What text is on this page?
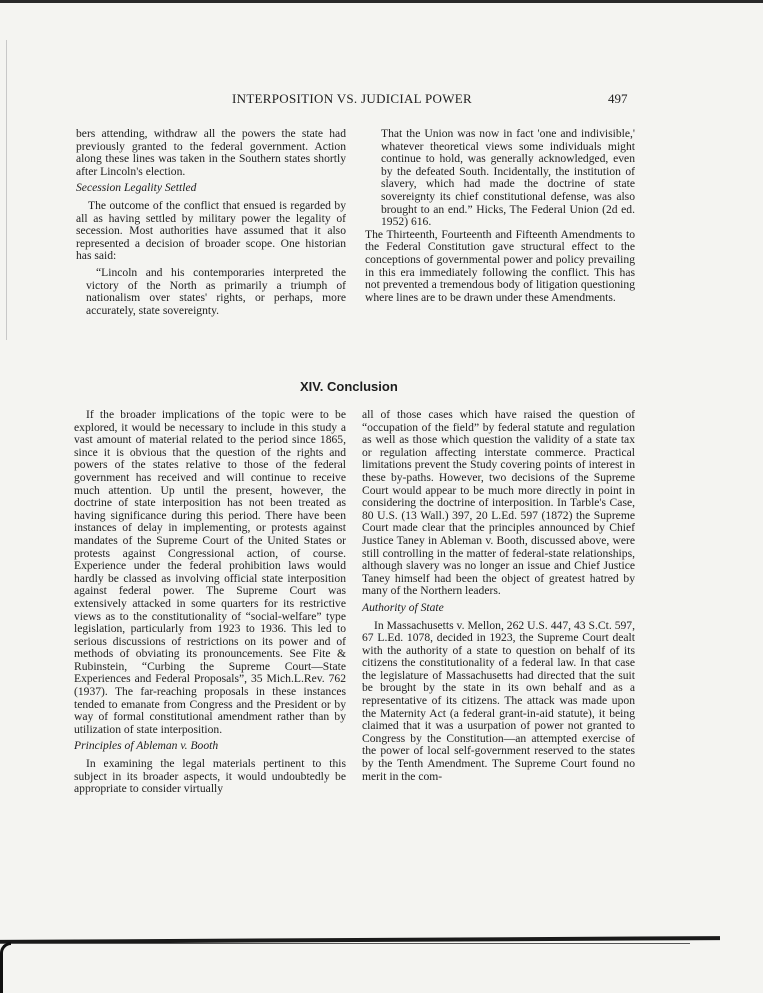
INTERPOSITION VS. JUDICIAL POWER	497

bers attending, withdraw all the powers the state had previously granted to the federal government. Action along these lines was taken in the Southern states shortly after Lincoln's election.

Secession Legality Settled

The outcome of the conflict that ensued is regarded by all as having settled by military power the legality of secession. Most authorities have assumed that it also represented a decision of broader scope. One historian has said:

“Lincoln and his contemporaries interpreted the victory of the North as primarily a triumph of nationalism over states' rights, or perhaps, more accurately, state sovereignty.

That the Union was now in fact 'one and indivisible,' whatever theoretical views some individuals might continue to hold, was generally acknowledged, even by the defeated South. Incidentally, the institution of slavery, which had made the doctrine of state sovereignty its chief constitutional defense, was also brought to an end.” Hicks, The Federal Union (2d ed. 1952) 616.

The Thirteenth, Fourteenth and Fifteenth Amendments to the Federal Constitution gave structural effect to the conceptions of governmental power and policy prevailing in this era immediately following the conflict. This has not prevented a tremendous body of litigation questioning where lines are to be drawn under these Amendments.

XIV. Conclusion

If the broader implications of the topic were to be explored, it would be necessary to include in this study a vast amount of material related to the period since 1865, since it is obvious that the question of the rights and powers of the states relative to those of the federal government has received and will continue to receive much attention. Up until the present, however, the doctrine of state interposition has not been treated as having significance during this period. There have been instances of delay in implementing, or protests against mandates of the Supreme Court of the United States or protests against Congressional action, of course. Experience under the federal prohibition laws would hardly be classed as involving official state interposition against federal power. The Supreme Court was extensively attacked in some quarters for its restrictive views as to the constitutionality of “social-welfare” type legislation, particularly from 1923 to 1936. This led to serious discussions of restrictions on its power and of methods of obviating its pronouncements. See Fite & Rubinstein, “Curbing the Supreme Court—State Experiences and Federal Proposals”, 35 Mich.L.Rev. 762 (1937). The far-reaching proposals in these instances tended to emanate from Congress and the President or by way of formal constitutional amendment rather than by utilization of state interposition.

Principles of Ableman v. Booth

In examining the legal materials pertinent to this subject in its broader aspects, it would undoubtedly be appropriate to consider virtually

all of those cases which have raised the question of “occupation of the field” by federal statute and regulation as well as those which question the validity of a state tax or regulation affecting interstate commerce. Practical limitations prevent the Study covering points of interest in these by-paths. However, two decisions of the Supreme Court would appear to be much more directly in point in considering the doctrine of interposition. In Tarble's Case, 80 U.S. (13 Wall.) 397, 20 L.Ed. 597 (1872) the Supreme Court made clear that the principles announced by Chief Justice Taney in Ableman v. Booth, discussed above, were still controlling in the matter of federal-state relationships, although slavery was no longer an issue and Chief Justice Taney himself had been the object of greatest hatred by many of the Northern leaders.

Authority of State

In Massachusetts v. Mellon, 262 U.S. 447, 43 S.Ct. 597, 67 L.Ed. 1078, decided in 1923, the Supreme Court dealt with the authority of a state to question on behalf of its citizens the constitutionality of a federal law. In that case the legislature of Massachusetts had directed that the suit be brought by the state in its own behalf and as a representative of its citizens. The attack was made upon the Maternity Act (a federal grant-in-aid statute), it being claimed that it was a usurpation of power not granted to Congress by the Constitution—an attempted exercise of the power of local self-government reserved to the states by the Tenth Amendment. The Supreme Court found no merit in the com-
